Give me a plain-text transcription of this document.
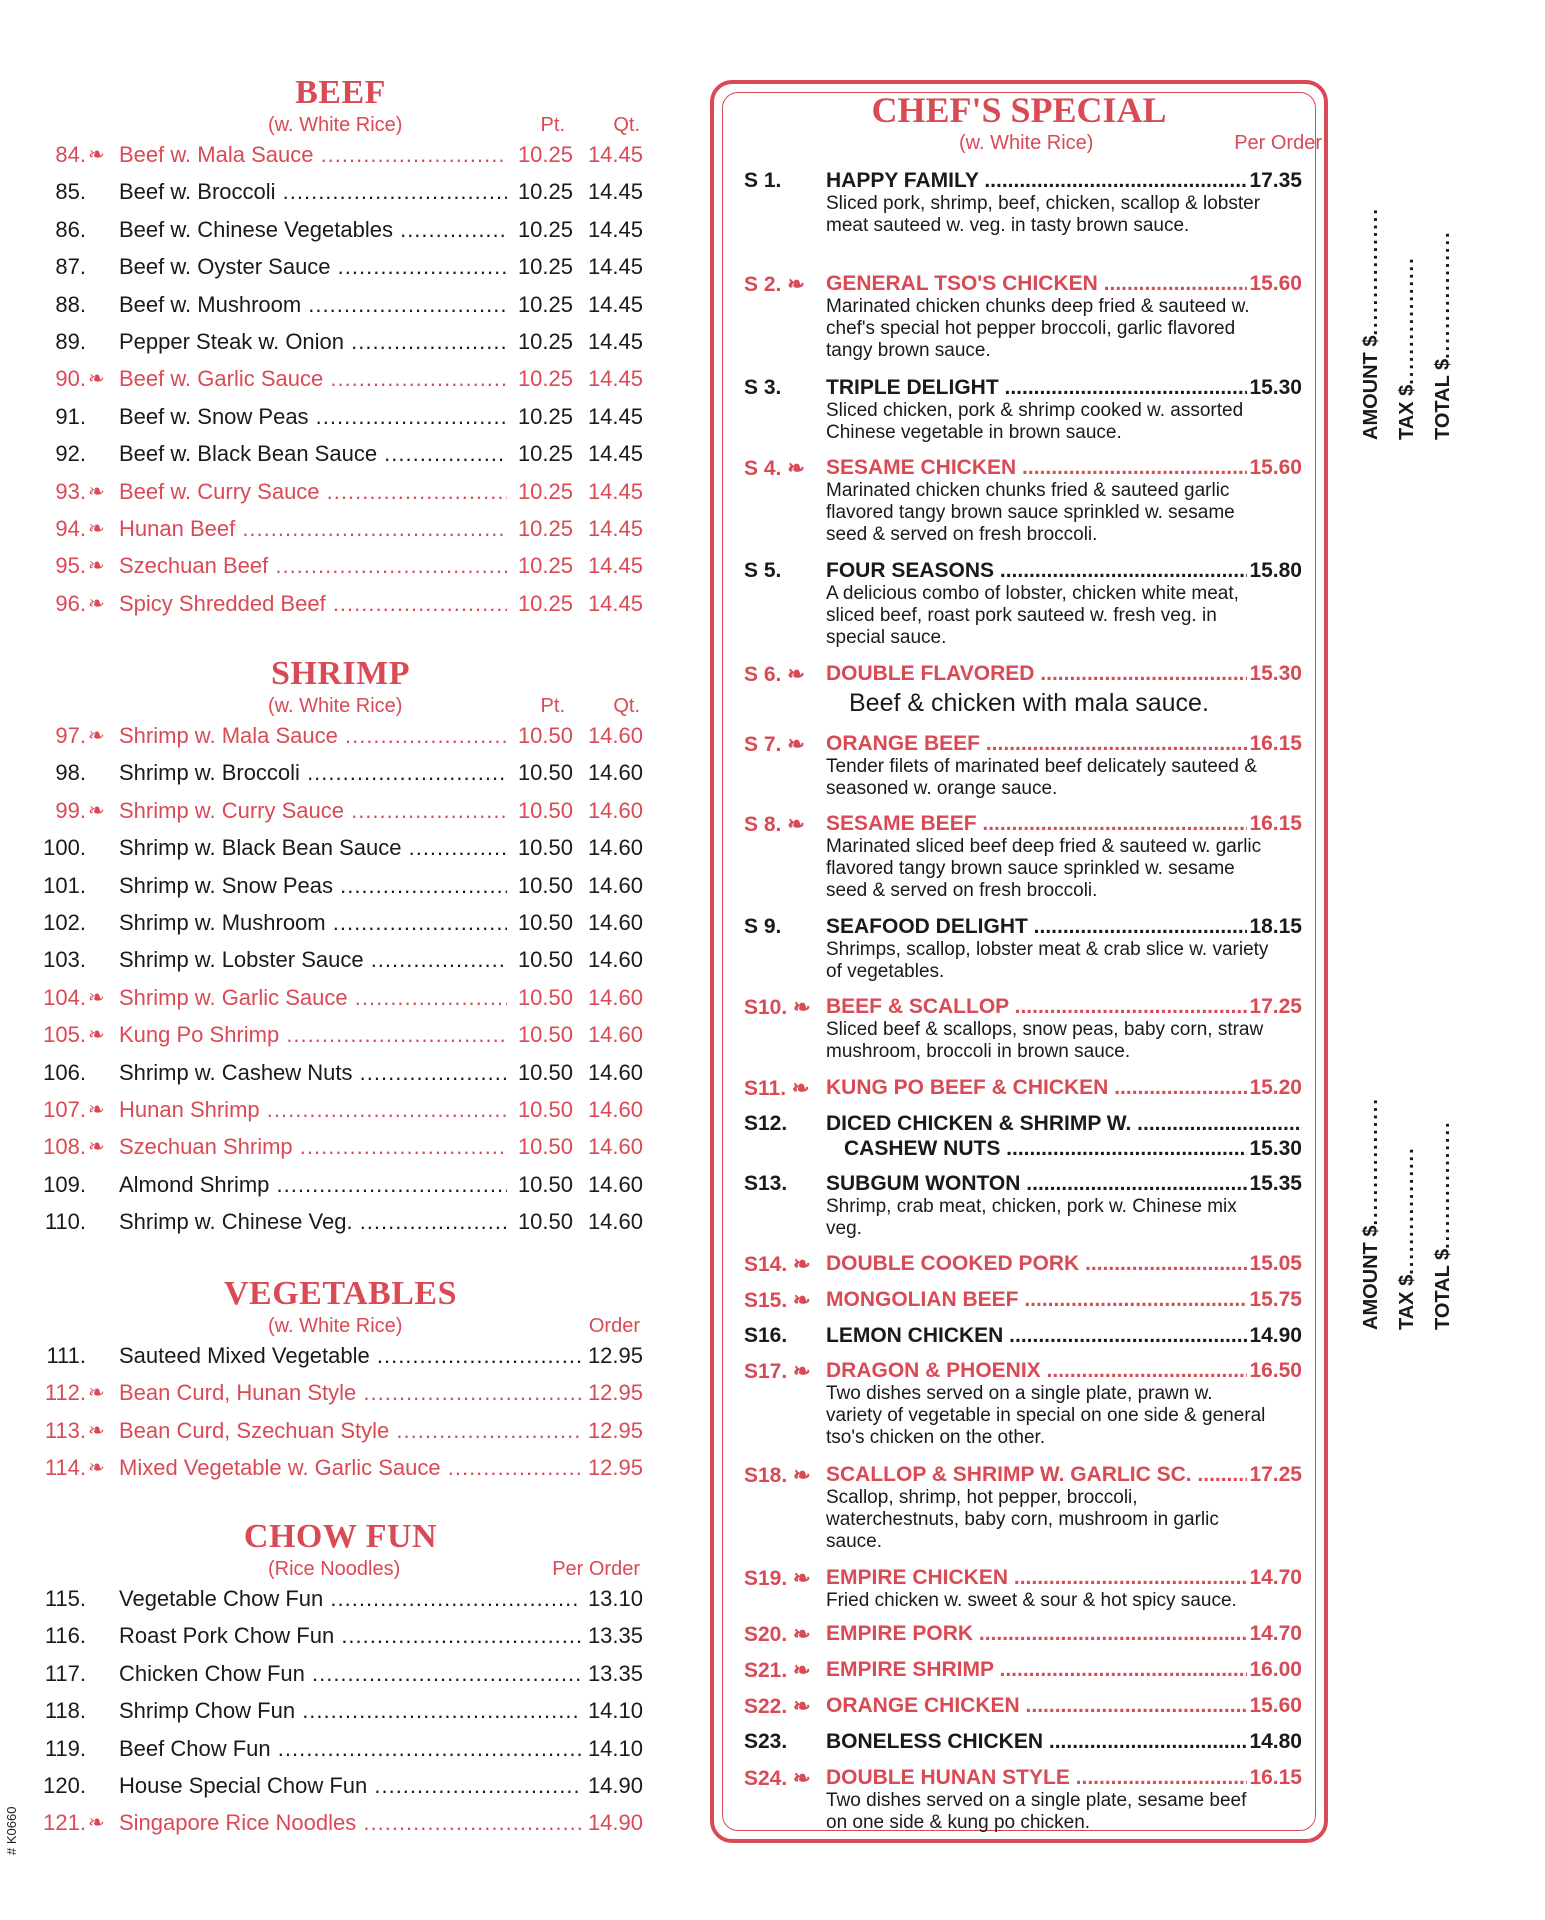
BEEF
(w. White Rice)	Pt. Qt.
84. ❧ Beef w. Mala Sauce .....	10.25 14.45
85. Beef w. Broccoli .....	10.25 14.45
86. Beef w. Chinese Vegetables .....	10.25 14.45
87. Beef w. Oyster Sauce .....	10.25 14.45
88. Beef w. Mushroom .....	10.25 14.45
89. Pepper Steak w. Onion .....	10.25 14.45
90. ❧ Beef w. Garlic Sauce .....	10.25 14.45
91. Beef w. Snow Peas .....	10.25 14.45
92. Beef w. Black Bean Sauce .....	10.25 14.45
93. ❧ Beef w. Curry Sauce .....	10.25 14.45
94. ❧ Hunan Beef .....	10.25 14.45
95. ❧ Szechuan Beef .....	10.25 14.45
96. ❧ Spicy Shredded Beef .....	10.25 14.45
SHRIMP
(w. White Rice)	Pt. Qt.
97. ❧ Shrimp w. Mala Sauce .....	10.50 14.60
98. Shrimp w. Broccoli .....	10.50 14.60
99. ❧ Shrimp w. Curry Sauce .....	10.50 14.60
100. Shrimp w. Black Bean Sauce .....	10.50 14.60
101. Shrimp w. Snow Peas .....	10.50 14.60
102. Shrimp w. Mushroom .....	10.50 14.60
103. Shrimp w. Lobster Sauce .....	10.50 14.60
104. ❧ Shrimp w. Garlic Sauce .....	10.50 14.60
105. ❧ Kung Po Shrimp .....	10.50 14.60
106. Shrimp w. Cashew Nuts .....	10.50 14.60
107. ❧ Hunan Shrimp .....	10.50 14.60
108. ❧ Szechuan Shrimp .....	10.50 14.60
109. Almond Shrimp .....	10.50 14.60
110. Shrimp w. Chinese Veg. .....	10.50 14.60
VEGETABLES
(w. White Rice)	Order
111. Sauteed Mixed Vegetable .....	12.95
112. ❧ Bean Curd, Hunan Style .....	12.95
113. ❧ Bean Curd, Szechuan Style .....	12.95
114. ❧ Mixed Vegetable w. Garlic Sauce .....	12.95
CHOW FUN
(Rice Noodles)	Per Order
115. Vegetable Chow Fun .....	13.10
116. Roast Pork Chow Fun .....	13.35
117. Chicken Chow Fun .....	13.35
118. Shrimp Chow Fun .....	14.10
119. Beef Chow Fun .....	14.10
120. House Special Chow Fun .....	14.90
121. ❧ Singapore Rice Noodles .....	14.90
CHEF'S SPECIAL
(w. White Rice)	Per Order
S 1. HAPPY FAMILY .....	17.35
Sliced pork, shrimp, beef, chicken, scallop & lobster meat sauteed w. veg. in tasty brown sauce.
S 2. ❧ GENERAL TSO'S CHICKEN .....	15.60
Marinated chicken chunks deep fried & sauteed w. chef's special hot pepper broccoli, garlic flavored tangy brown sauce.
S 3. TRIPLE DELIGHT .....	15.30
Sliced chicken, pork & shrimp cooked w. assorted Chinese vegetable in brown sauce.
S 4. ❧ SESAME CHICKEN .....	15.60
Marinated chicken chunks fried & sauteed garlic flavored tangy brown sauce sprinkled w. sesame seed & served on fresh broccoli.
S 5. FOUR SEASONS .....	15.80
A delicious combo of lobster, chicken white meat, sliced beef, roast pork sauteed w. fresh veg. in special sauce.
S 6. ❧ DOUBLE FLAVORED .....	15.30
Beef & chicken with mala sauce.
S 7. ❧ ORANGE BEEF .....	16.15
Tender filets of marinated beef delicately sauteed & seasoned w. orange sauce.
S 8. ❧ SESAME BEEF .....	16.15
Marinated sliced beef deep fried & sauteed w. garlic flavored tangy brown sauce sprinkled w. sesame seed & served on fresh broccoli.
S 9. SEAFOOD DELIGHT .....	18.15
Shrimps, scallop, lobster meat & crab slice w. variety of vegetables.
S10. ❧ BEEF & SCALLOP .....	17.25
Sliced beef & scallops, snow peas, baby corn, straw mushroom, broccoli in brown sauce.
S11. ❧ KUNG PO BEEF & CHICKEN .....	15.20
S12. DICED CHICKEN & SHRIMP W. .....
CASHEW NUTS .....	15.30
S13. SUBGUM WONTON .....	15.35
Shrimp, crab meat, chicken, pork w. Chinese mix veg.
S14. ❧ DOUBLE COOKED PORK .....	15.05
S15. ❧ MONGOLIAN BEEF .....	15.75
S16. LEMON CHICKEN .....	14.90
S17. ❧ DRAGON & PHOENIX .....	16.50
Two dishes served on a single plate, prawn w. variety of vegetable in special on one side & general tso's chicken on the other.
S18. ❧ SCALLOP & SHRIMP W. GARLIC SC. .....	17.25
Scallop, shrimp, hot pepper, broccoli, waterchestnuts, baby corn, mushroom in garlic sauce.
S19. ❧ EMPIRE CHICKEN .....	14.70
Fried chicken w. sweet & sour & hot spicy sauce.
S20. ❧ EMPIRE PORK .....	14.70
S21. ❧ EMPIRE SHRIMP .....	16.00
S22. ❧ ORANGE CHICKEN .....	15.60
S23. BONELESS CHICKEN .....	14.80
S24. ❧ DOUBLE HUNAN STYLE .....	16.15
Two dishes served on a single plate, sesame beef on one side & kung po chicken.
AMOUNT $.................
TAX $.................
TOTAL $.................
AMOUNT $.................
TAX $.................
TOTAL $.................
# K0660
